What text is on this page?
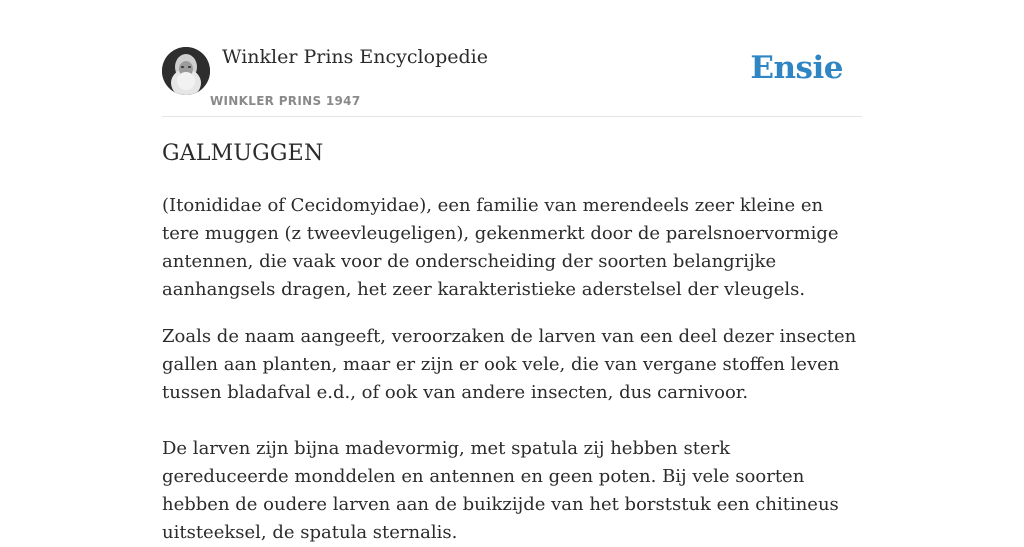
Winkler Prins Encyclopedie
WINKLER PRINS 1947
Ensie
GALMUGGEN

(Itonididae of Cecidomyidae), een familie van merendeels zeer kleine en tere muggen (z tweevleugeligen), gekenmerkt door de parelsnoervormige antennen, die vaak voor de onderscheiding der soorten belangrijke aanhangsels dragen, het zeer karakteristieke aderstelsel der vleugels.

Zoals de naam aangeeft, veroorzaken de larven van een deel dezer insecten gallen aan planten, maar er zijn er ook vele, die van vergane stoffen leven tussen bladafval e.d., of ook van andere insecten, dus carnivoor.

De larven zijn bijna madevormig, met spatula zij hebben sterk gereduceerde monddelen en antennen en geen poten. Bij vele soorten hebben de oudere larven aan de buikzijde van het borststuk een chitineus uitsteeksel, de spatula sternalis.
